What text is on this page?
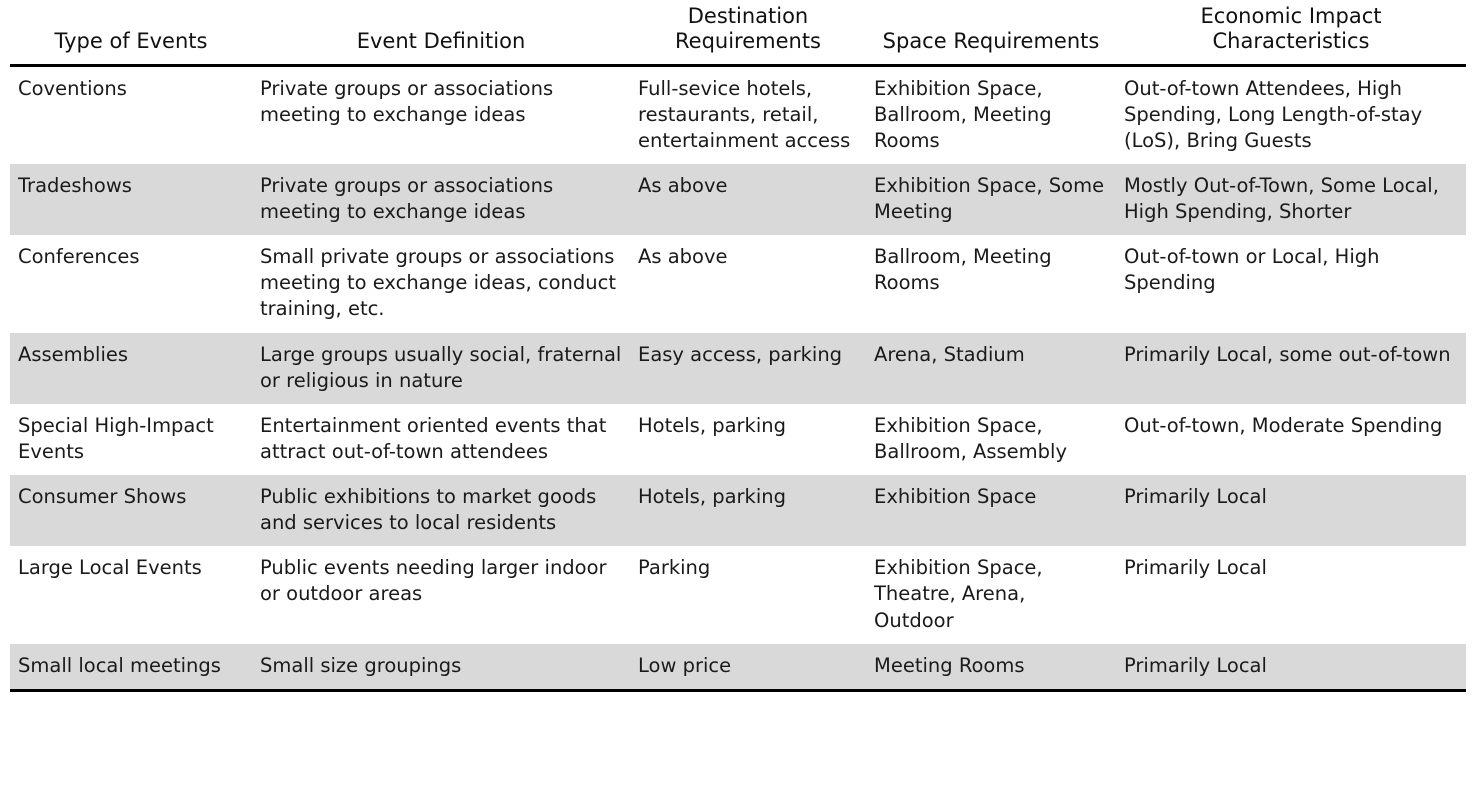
Type of Events	Event Definition	Destination Requirements	Space Requirements	Economic Impact Characteristics
Coventions	Private groups or associations meeting to exchange ideas	Full-sevice hotels, restaurants, retail, entertainment access	Exhibition Space, Ballroom, Meeting Rooms	Out-of-town Attendees, High Spending, Long Length-of-stay (LoS), Bring Guests
Tradeshows	Private groups or associations meeting to exchange ideas	As above	Exhibition Space, Some Meeting	Mostly Out-of-Town, Some Local, High Spending, Shorter
Conferences	Small private groups or associations meeting to exchange ideas, conduct training, etc.	As above	Ballroom, Meeting Rooms	Out-of-town or Local, High Spending
Assemblies	Large groups usually social, fraternal or religious in nature	Easy access, parking	Arena, Stadium	Primarily Local, some out-of-town
Special High-Impact Events	Entertainment oriented events that attract out-of-town attendees	Hotels, parking	Exhibition Space, Ballroom, Assembly	Out-of-town, Moderate Spending
Consumer Shows	Public exhibitions to market goods and services to local residents	Hotels, parking	Exhibition Space	Primarily Local
Large Local Events	Public events needing larger indoor or outdoor areas	Parking	Exhibition Space, Theatre, Arena, Outdoor	Primarily Local
Small local meetings	Small size groupings	Low price	Meeting Rooms	Primarily Local
